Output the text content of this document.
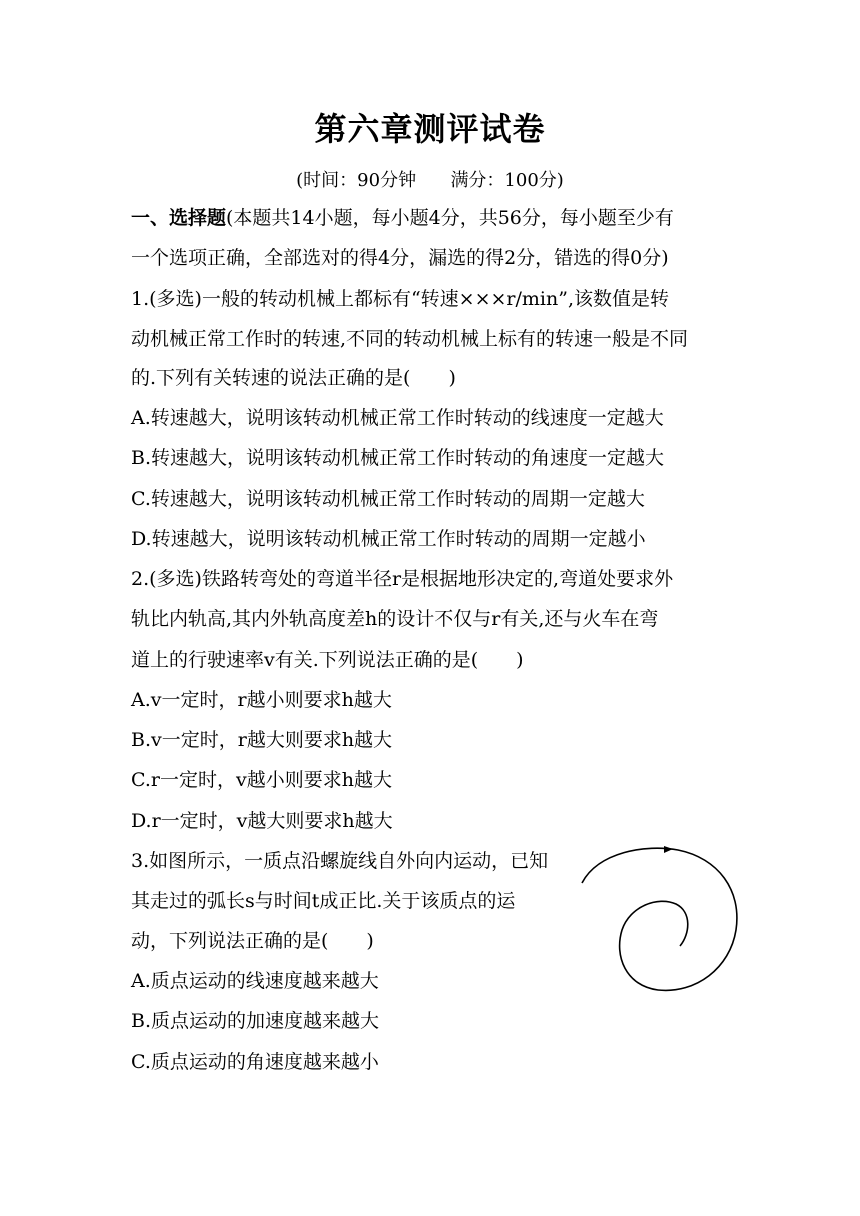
第六章测评试卷
(时间：90分钟 满分：100分)
一、选择题(本题共14小题，每小题4分，共56分，每小题至少有
一个选项正确，全部选对的得4分，漏选的得2分，错选的得0分)
1.(多选)一般的转动机械上都标有“转速×××r/min”,该数值是转
动机械正常工作时的转速,不同的转动机械上标有的转速一般是不同
的.下列有关转速的说法正确的是(　　)
A.转速越大，说明该转动机械正常工作时转动的线速度一定越大
B.转速越大，说明该转动机械正常工作时转动的角速度一定越大
C.转速越大，说明该转动机械正常工作时转动的周期一定越大
D.转速越大，说明该转动机械正常工作时转动的周期一定越小
2.(多选)铁路转弯处的弯道半径r是根据地形决定的,弯道处要求外
轨比内轨高,其内外轨高度差h的设计不仅与r有关,还与火车在弯
道上的行驶速率v有关.下列说法正确的是(　　)
A.v一定时，r越小则要求h越大
B.v一定时，r越大则要求h越大
C.r一定时，v越小则要求h越大
D.r一定时，v越大则要求h越大
3.如图所示，一质点沿螺旋线自外向内运动，已知
其走过的弧长s与时间t成正比.关于该质点的运
动，下列说法正确的是(　　)
A.质点运动的线速度越来越大
B.质点运动的加速度越来越大
C.质点运动的角速度越来越小
